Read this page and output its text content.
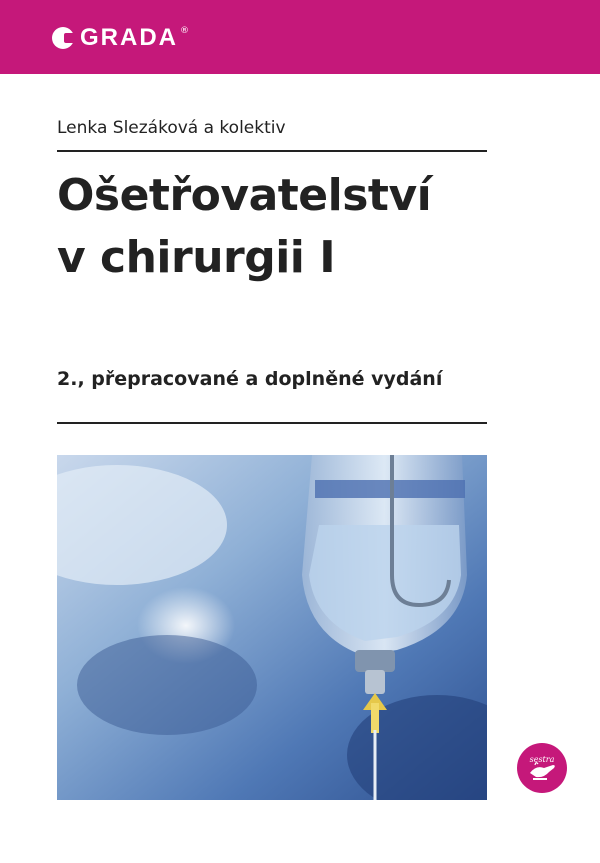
GRADA ®
Lenka Slezáková a kolektiv
Ošetřovatelství
v chirurgii I
2., přepracované a doplněné vydání
sestra
